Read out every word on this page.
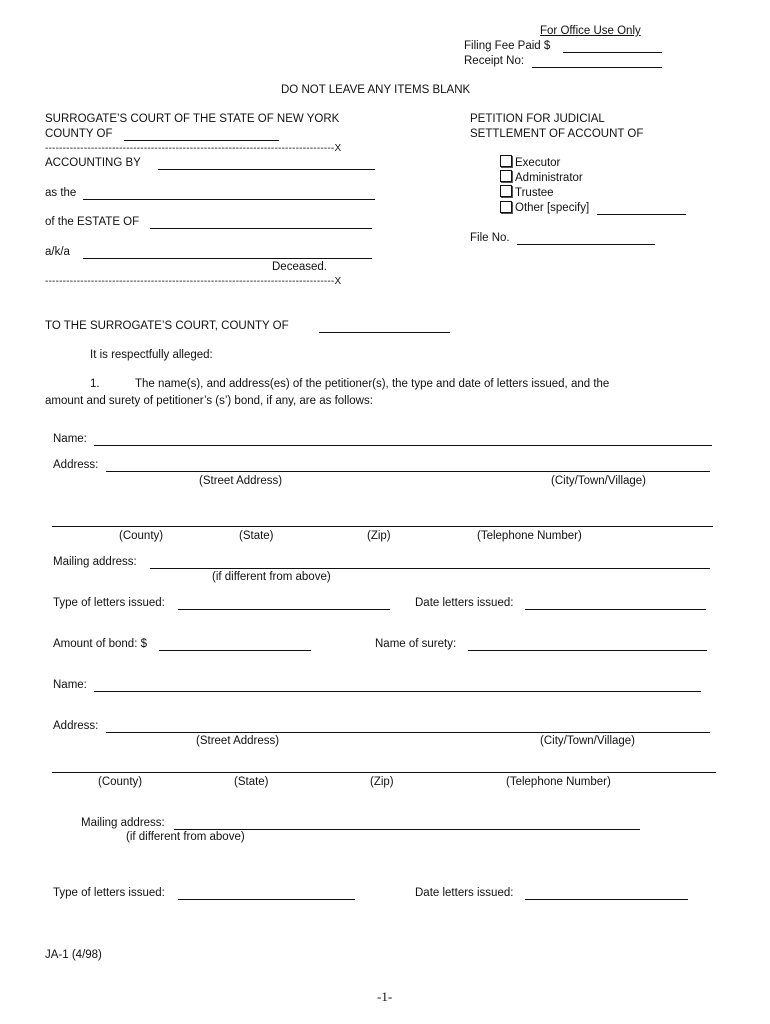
For Office Use Only
Filing Fee Paid $
Receipt No:
DO NOT LEAVE ANY ITEMS BLANK
SURROGATE’S COURT OF THE STATE OF NEW YORK
COUNTY OF
----------------------------------------------------------------------------------X
ACCOUNTING BY
as the
of the ESTATE OF
a/k/a
Deceased.
----------------------------------------------------------------------------------X
PETITION FOR JUDICIAL
SETTLEMENT OF ACCOUNT OF
Executor
Administrator
Trustee
Other [specify]
File No.
TO THE SURROGATE’S COURT, COUNTY OF
It is respectfully alleged:
1.	The name(s), and address(es) of the petitioner(s), the type and date of letters issued, and the
amount and surety of petitioner’s (s’) bond, if any, are as follows:
Name:
Address:
(Street Address)	(City/Town/Village)
(County)	(State)	(Zip)	(Telephone Number)
Mailing address:
(if different from above)
Type of letters issued:	Date letters issued:
Amount of bond: $	Name of surety:
Name:
Address:
(Street Address)	(City/Town/Village)
(County)	(State)	(Zip)	(Telephone Number)
Mailing address:
(if different from above)
Type of letters issued:	Date letters issued:
JA-1 (4/98)
-1-
